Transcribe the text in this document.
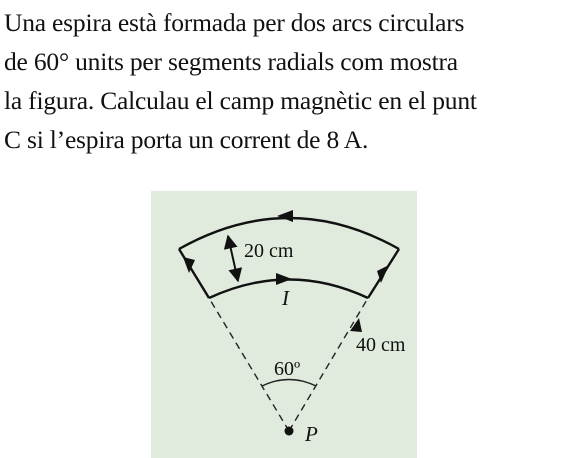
Una espira està formada per dos arcs circulars
de 60° units per segments radials com mostra
la figura. Calculau el camp magnètic en el punt
C si l’espira porta un corrent de 8 A.
20 cm
I
40 cm
60º
P
